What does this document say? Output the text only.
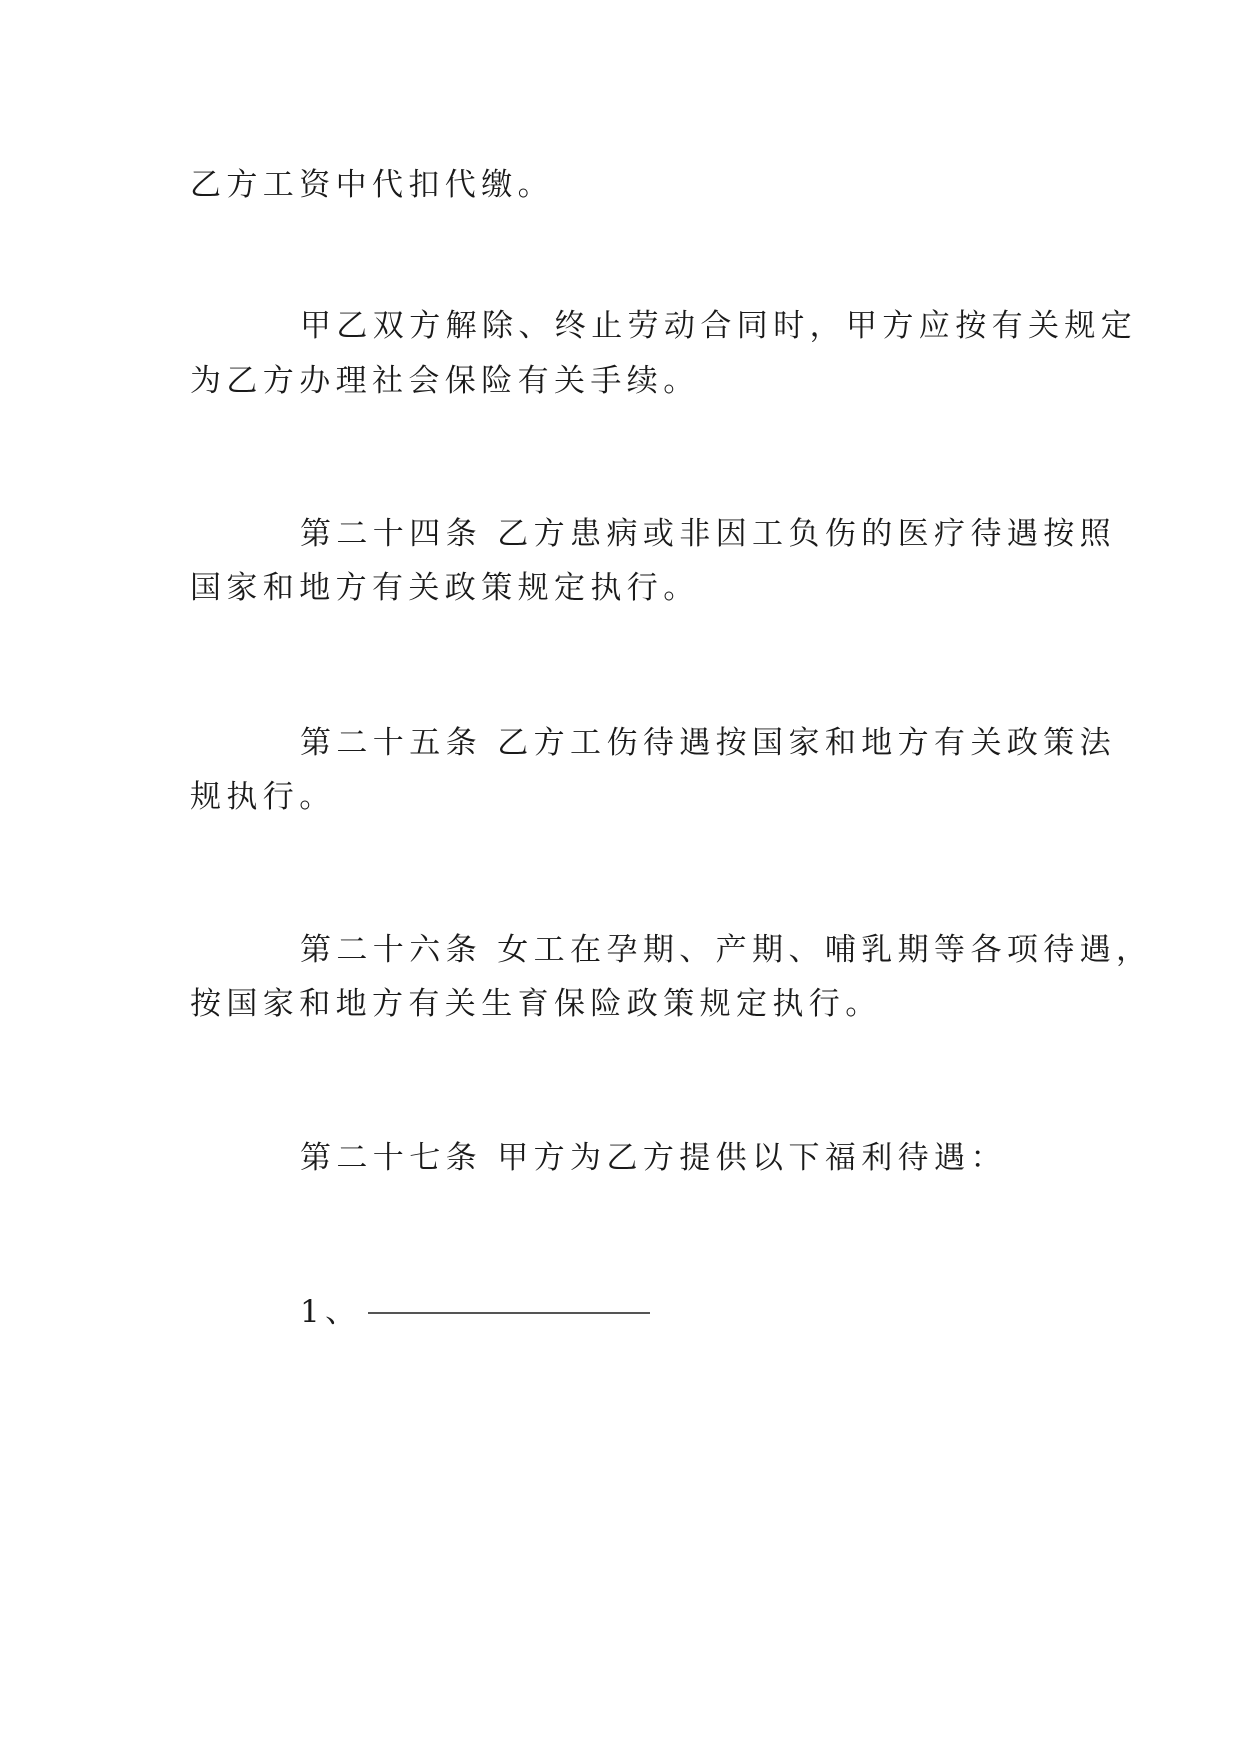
乙方工资中代扣代缴。
甲乙双方解除、终止劳动合同时，甲方应按有关规定
为乙方办理社会保险有关手续。
第二十四条 乙方患病或非因工负伤的医疗待遇按照
国家和地方有关政策规定执行。
第二十五条 乙方工伤待遇按国家和地方有关政策法
规执行。
第二十六条 女工在孕期、产期、哺乳期等各项待遇，
按国家和地方有关生育保险政策规定执行。
第二十七条 甲方为乙方提供以下福利待遇：
1、
